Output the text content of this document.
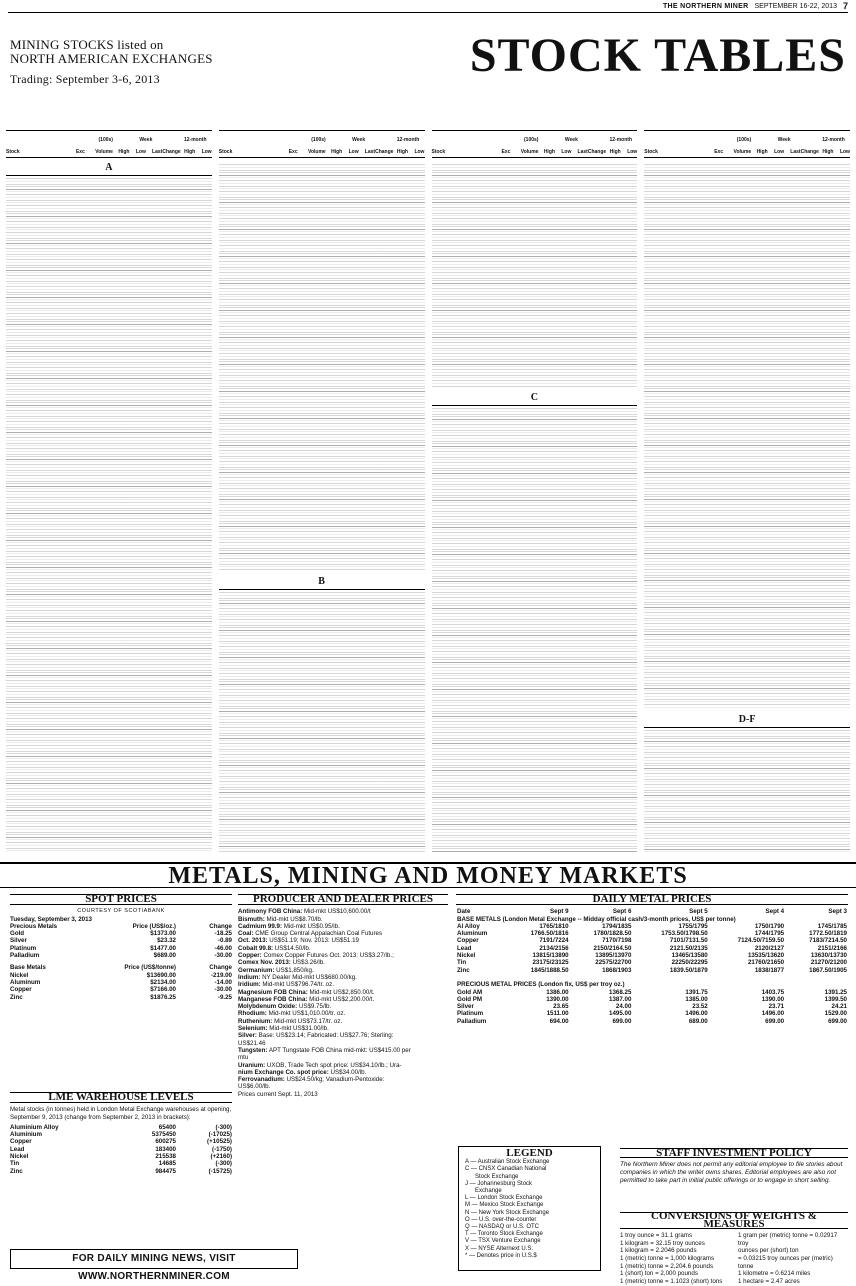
THE NORTHERN MINER SEPTEMBER 16-22, 2013 7
MINING STOCKS listed on
NORTH AMERICAN EXCHANGES
Trading: September 3-6, 2013	STOCK TABLES
(100s)	Week	12-month
Stock	Exc	Volume	High	Low	Last Change High	Low
A
(100s)	Week	12-month
Stock	Exc	Volume	High	Low	Last Change High	Low
B
(100s)	Week	12-month
Stock	Exc	Volume	High	Low	Last Change High	Low
C
(100s)	Week	12-month
Stock	Exc	Volume	High	Low	Last Change High	Low
D-F
METALS, MINING AND MONEY MARKETS
SPOT PRICES
COURTESY OF SCOTIABANK
Tuesday, September 3, 2013
Precious Metals	Price (US$/oz.)	Change
Gold	$1373.00	-18.25
Silver	$23.32	-0.89
Platinum	$1477.00	-46.00
Palladium	$689.00	-30.00
Base Metals	Price (US$/tonne)	Change
Nickel	$13690.00	-219.00
Aluminum	$2134.00	-14.00
Copper	$7166.00	-30.00
Zinc	$1876.25	-9.25
LME WAREHOUSE LEVELS
Metal stocks (in tonnes) held in London Metal Exchange warehouses at opening, September 9, 2013 (change from September 2, 2013 in brackets):
Aluminium Alloy	65400	(-300)
Aluminium	5375450	(-17025)
Copper	600275	(+10525)
Lead	183400	(-1750)
Nickel	215538	(+2160)
Tin	14685	(-300)
Zinc	984475	(-15725)
FOR DAILY MINING NEWS, VISIT WWW.NORTHERNMINER.COM
PRODUCER AND DEALER PRICES
Antimony FOB China: Mid-mkt US$10,600.00/t
Bismuth: Mid-mkt US$8.70/lb.
Cadmium 99.9: Mid-mkt US$0.95/lb.
Coal: CME Group Central Appalachian Coal Futures
Oct. 2013: US$51.19; Nov. 2013: US$51.19
Cobalt 99.8: US$14.50/lb.
Copper: Comex Copper Futures Oct. 2013: US$3.27/lb.;
Comex Nov. 2013: US$3.26/lb.
Germanium: US$1,850/kg.
Indium: NY Dealer Mid-mkt US$680.00/kg.
Iridium: Mid-mkt US$796.74/tr. oz.
Magnesium FOB China: Mid-mkt US$2,850.00/t.
Manganese FOB China: Mid-mkt US$2,200.00/t.
Molybdenum Oxide: US$9.75/lb.
Rhodium: Mid-mkt US$1,010.00/tr. oz.
Ruthenium: Mid-mkt US$73.17/tr. oz.
Selenium: Mid-mkt US$31.00/lb.
Silver: Base: US$23.14; Fabricated: US$27.76; Sterling:
US$21.46
Tungsten: APT Tungstate FOB China mid-mkt: US$415.00 per
mtu
Uranium: UXOB, Trade Tech spot price: US$34.10/lb.; Ura-
nium Exchange Co. spot price: US$34.00/lb.
Ferrovanadium: US$24.50/kg; Vanadium-Pentoxide:
US$6.00/lb.
Prices current Sept. 11, 2013
DAILY METAL PRICES
Date	Sept 9	Sept 6	Sept 5	Sept 4	Sept 3
BASE METALS (London Metal Exchange -- Midday official cash/3-month prices, US$ per tonne)					
Al Alloy	1765/1810	1794/1835	1755/1795	1750/1790	1745/1785
Aluminum	1766.50/1816	1780/1828.50	1753.50/1798.50	1744/1795	1772.50/1819
Copper	7191/7224	7170/7198	7101/7131.50	7124.50/7159.50	7183/7214.50
Lead	2134/2156	2150/2164.50	2121.50/2135	2120/2127	2151/2166
Nickel	13815/13890	13895/13970	13465/13580	13535/13620	13630/13730
Tin	23175/23125	22575/22700	22250/22295	21760/21650	21270/21200
Zinc	1845/1888.50	1868/1903	1839.50/1879	1838/1877	1867.50/1905

PRECIOUS METAL PRICES (London fix, US$ per troy oz.)					
Gold AM	1386.00	1368.25	1391.75	1403.75	1391.25
Gold PM	1390.00	1387.00	1385.00	1390.00	1399.50
Silver	23.65	24.00	23.52	23.71	24.21
Platinum	1511.00	1495.00	1496.00	1496.00	1529.00
Palladium	694.00	699.00	689.00	699.00	699.00
LEGEND
A — Australian Stock Exchange
C — CNSX Canadian National
Stock Exchange
J — Johannesburg Stock
Exchange
L — London Stock Exchange
M — Mexico Stock Exchange
N — New York Stock Exchange
O — U.S. over-the-counter
Q — NASDAQ or U.S. OTC
T — Toronto Stock Exchange
V — TSX Venture Exchange
X — NYSE Alternext U.S.
* — Denotes price in U.S.$
STAFF INVESTMENT POLICY
The Northern Miner does not permit any editorial employee to file stories about companies in which the writer owns shares. Editorial employees are also not permitted to take part in initial public offerings or to engage in short selling.
CONVERSIONS OF WEIGHTS & MEASURES
1 troy ounce = 31.1 grams
1 kilogram = 32.15 troy ounces
1 kilogram = 2.2046 pounds
1 (metric) tonne = 1,000 kilograms
1 (metric) tonne = 2,204.6 pounds
1 (short) ton = 2,000 pounds
1 (metric) tonne = 1.1023 (short) tons
1 gram per (metric) tonne = 0.02917 troy
ounces per (short) ton
= 0.03215 troy ounces per (metric)
tonne
1 kilometre = 0.6214 miles
1 hectare = 2.47 acres
